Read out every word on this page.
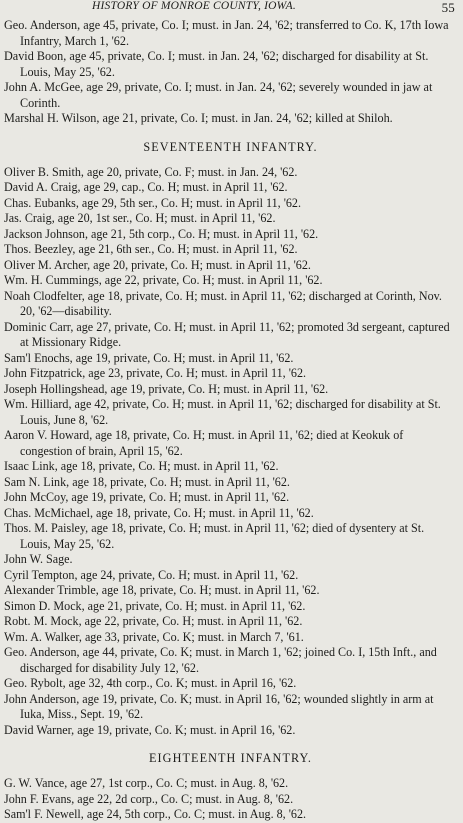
HISTORY OF MONROE COUNTY, IOWA.	55

Geo. Anderson, age 45, private, Co. I; must. in Jan. 24, '62; transferred to Co. K, 17th Iowa Infantry, March 1, '62.

David Boon, age 45, private, Co. I; must. in Jan. 24, '62; discharged for disability at St. Louis, May 25, '62.

John A. McGee, age 29, private, Co. I; must. in Jan. 24, '62; severely wounded in jaw at Corinth.

Marshal H. Wilson, age 21, private, Co. I; must. in Jan. 24, '62; killed at Shiloh.

SEVENTEENTH INFANTRY.

Oliver B. Smith, age 20, private, Co. F; must. in Jan. 24, '62.

David A. Craig, age 29, cap., Co. H; must. in April 11, '62.

Chas. Eubanks, age 29, 5th ser., Co. H; must. in April 11, '62.

Jas. Craig, age 20, 1st ser., Co. H; must. in April 11, '62.

Jackson Johnson, age 21, 5th corp., Co. H; must. in April 11, '62.

Thos. Beezley, age 21, 6th ser., Co. H; must. in April 11, '62.

Oliver M. Archer, age 20, private, Co. H; must. in April 11, '62.

Wm. H. Cummings, age 22, private, Co. H; must. in April 11, '62.

Noah Clodfelter, age 18, private, Co. H; must. in April 11, '62; discharged at Corinth, Nov. 20, '62—disability.

Dominic Carr, age 27, private, Co. H; must. in April 11, '62; promoted 3d sergeant, captured at Missionary Ridge.

Sam'l Enochs, age 19, private, Co. H; must. in April 11, '62.

John Fitzpatrick, age 23, private, Co. H; must. in April 11, '62.

Joseph Hollingshead, age 19, private, Co. H; must. in April 11, '62.

Wm. Hilliard, age 42, private, Co. H; must. in April 11, '62; discharged for disability at St. Louis, June 8, '62.

Aaron V. Howard, age 18, private, Co. H; must. in April 11, '62; died at Keokuk of congestion of brain, April 15, '62.

Isaac Link, age 18, private, Co. H; must. in April 11, '62.

Sam N. Link, age 18, private, Co. H; must. in April 11, '62.

John McCoy, age 19, private, Co. H; must. in April 11, '62.

Chas. McMichael, age 18, private, Co. H; must. in April 11, '62.

Thos. M. Paisley, age 18, private, Co. H; must. in April 11, '62; died of dysentery at St. Louis, May 25, '62.

John W. Sage.

Cyril Tempton, age 24, private, Co. H; must. in April 11, '62.

Alexander Trimble, age 18, private, Co. H; must. in April 11, '62.

Simon D. Mock, age 21, private, Co. H; must. in April 11, '62.

Robt. M. Mock, age 22, private, Co. H; must. in April 11, '62.

Wm. A. Walker, age 33, private, Co. K; must. in March 7, '61.

Geo. Anderson, age 44, private, Co. K; must. in March 1, '62; joined Co. I, 15th Inft., and discharged for disability July 12, '62.

Geo. Rybolt, age 32, 4th corp., Co. K; must. in April 16, '62.

John Anderson, age 19, private, Co. K; must. in April 16, '62; wounded slightly in arm at Iuka, Miss., Sept. 19, '62.

David Warner, age 19, private, Co. K; must. in April 16, '62.

EIGHTEENTH INFANTRY.

G. W. Vance, age 27, 1st corp., Co. C; must. in Aug. 8, '62.

John F. Evans, age 22, 2d corp., Co. C; must. in Aug. 8, '62.

Sam'l F. Newell, age 24, 5th corp., Co. C; must. in Aug. 8, '62.
